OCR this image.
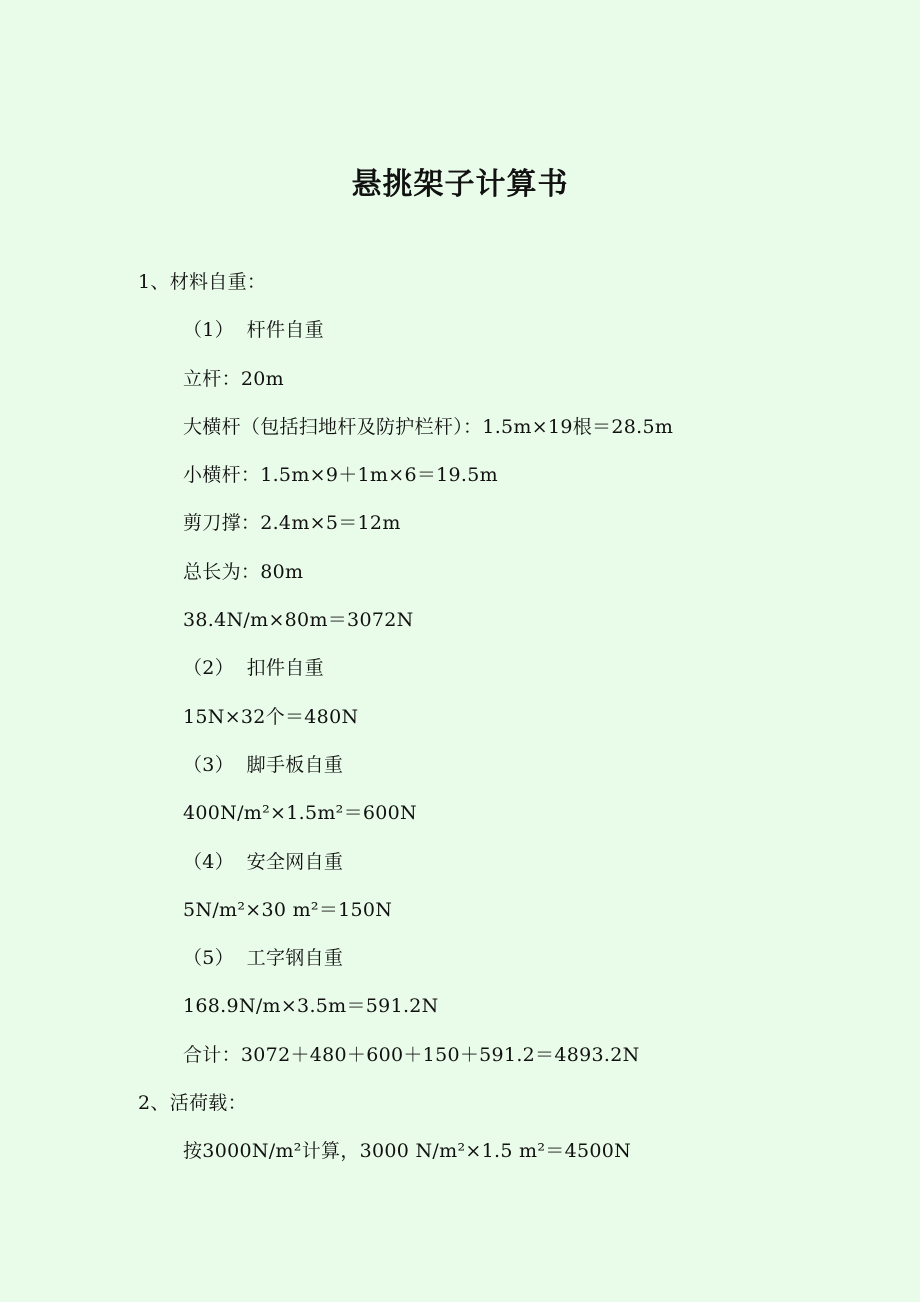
悬挑架子计算书
1、材料自重：
（1）  杆件自重
立杆：20m
大横杆（包括扫地杆及防护栏杆）：1.5m×19根＝28.5m
小横杆：1.5m×9＋1m×6＝19.5m
剪刀撑：2.4m×5＝12m
总长为：80m
38.4N/m×80m＝3072N
（2）  扣件自重
15N×32个＝480N
（3）  脚手板自重
400N/m²×1.5m²＝600N
（4）  安全网自重
5N/m²×30 m²＝150N
（5）  工字钢自重
168.9N/m×3.5m＝591.2N
合计：3072＋480＋600＋150＋591.2＝4893.2N
2、活荷载：
按3000N/m²计算，3000 N/m²×1.5 m²＝4500N
